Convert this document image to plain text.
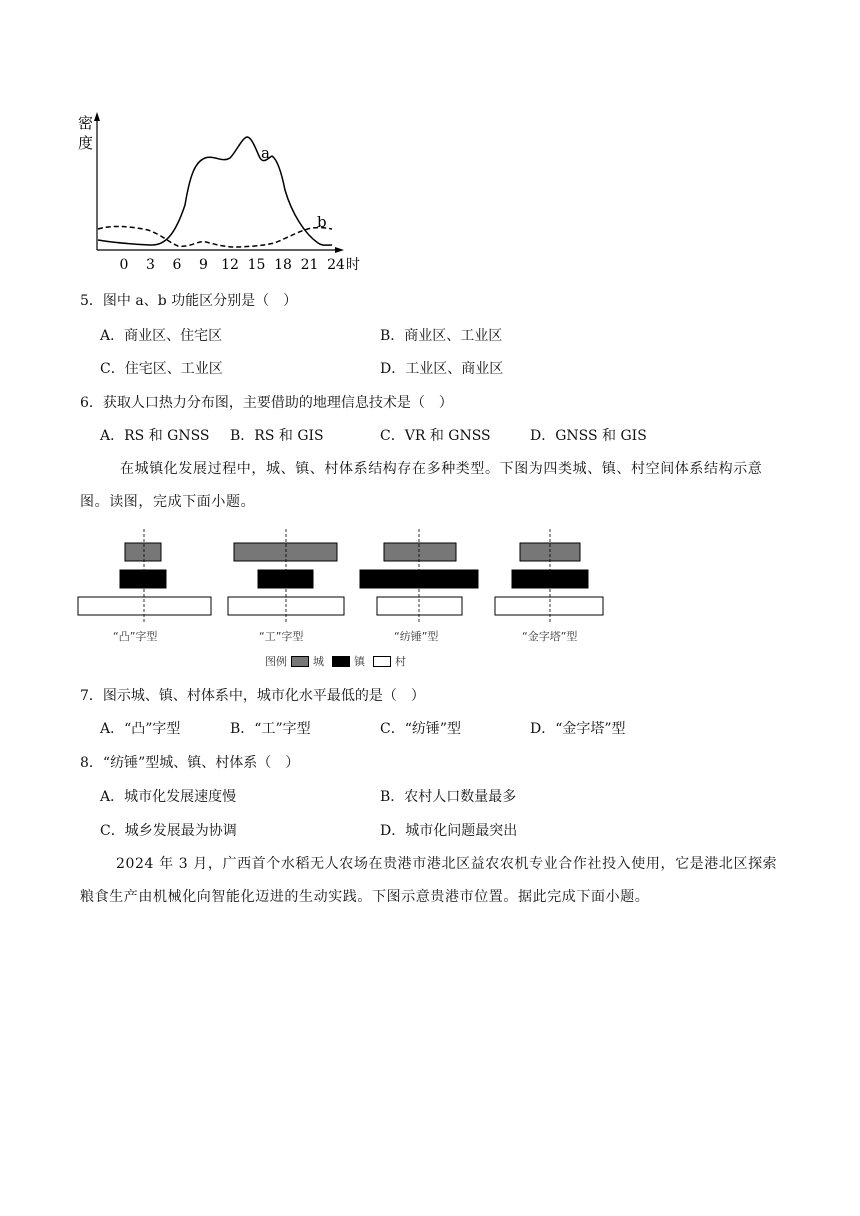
密
度
0 3 6 9 12 15 18 21 24 时
a
b
5．图中 a、b 功能区分别是（　）
A．商业区、住宅区	B．商业区、工业区
C．住宅区、工业区	D．工业区、商业区
6．获取人口热力分布图，主要借助的地理信息技术是（　）
A．RS 和 GNSS B．RS 和 GIS	C．VR 和 GNSS	D．GNSS 和 GIS
在城镇化发展过程中，城、镇、村体系结构存在多种类型。下图为四类城、镇、村空间体系结构示意图。读图，完成下面小题。
“凸”字型	“工”字型	“纺锤”型	“金字塔”型
图例 城	镇	村
7．图示城、镇、村体系中，城市化水平最低的是（　）
A．“凸”字型	B．“工”字型	C．“纺锤”型	D．“金字塔”型
8．“纺锤”型城、镇、村体系（　）
A．城市化发展速度慢	B．农村人口数量最多
C．城乡发展最为协调	D．城市化问题最突出
2024 年 3 月，广西首个水稻无人农场在贵港市港北区益农农机专业合作社投入使用，它是港北区探索粮食生产由机械化向智能化迈进的生动实践。下图示意贵港市位置。据此完成下面小题。
